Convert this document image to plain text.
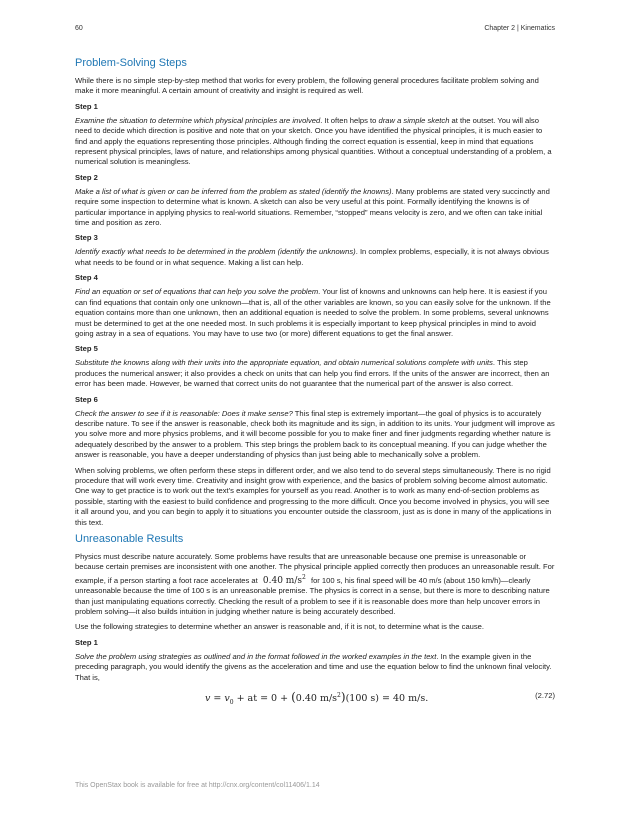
60	Chapter 2 | Kinematics
Problem-Solving Steps

While there is no simple step-by-step method that works for every problem, the following general procedures facilitate problem solving and make it more meaningful. A certain amount of creativity and insight is required as well.

Step 1

Examine the situation to determine which physical principles are involved. It often helps to draw a simple sketch at the outset. You will also need to decide which direction is positive and note that on your sketch. Once you have identified the physical principles, it is much easier to find and apply the equations representing those principles. Although finding the correct equation is essential, keep in mind that equations represent physical principles, laws of nature, and relationships among physical quantities. Without a conceptual understanding of a problem, a numerical solution is meaningless.

Step 2

Make a list of what is given or can be inferred from the problem as stated (identify the knowns). Many problems are stated very succinctly and require some inspection to determine what is known. A sketch can also be very useful at this point. Formally identifying the knowns is of particular importance in applying physics to real-world situations. Remember, “stopped” means velocity is zero, and we often can take initial time and position as zero.

Step 3

Identify exactly what needs to be determined in the problem (identify the unknowns). In complex problems, especially, it is not always obvious what needs to be found or in what sequence. Making a list can help.

Step 4

Find an equation or set of equations that can help you solve the problem. Your list of knowns and unknowns can help here. It is easiest if you can find equations that contain only one unknown—that is, all of the other variables are known, so you can easily solve for the unknown. If the equation contains more than one unknown, then an additional equation is needed to solve the problem. In some problems, several unknowns must be determined to get at the one needed most. In such problems it is especially important to keep physical principles in mind to avoid going astray in a sea of equations. You may have to use two (or more) different equations to get the final answer.

Step 5

Substitute the knowns along with their units into the appropriate equation, and obtain numerical solutions complete with units. This step produces the numerical answer; it also provides a check on units that can help you find errors. If the units of the answer are incorrect, then an error has been made. However, be warned that correct units do not guarantee that the numerical part of the answer is also correct.

Step 6

Check the answer to see if it is reasonable: Does it make sense? This final step is extremely important—the goal of physics is to accurately describe nature. To see if the answer is reasonable, check both its magnitude and its sign, in addition to its units. Your judgment will improve as you solve more and more physics problems, and it will become possible for you to make finer and finer judgments regarding whether nature is adequately described by the answer to a problem. This step brings the problem back to its conceptual meaning. If you can judge whether the answer is reasonable, you have a deeper understanding of physics than just being able to mechanically solve a problem.

When solving problems, we often perform these steps in different order, and we also tend to do several steps simultaneously. There is no rigid procedure that will work every time. Creativity and insight grow with experience, and the basics of problem solving become almost automatic. One way to get practice is to work out the text’s examples for yourself as you read. Another is to work as many end-of-section problems as possible, starting with the easiest to build confidence and progressing to the more difficult. Once you become involved in physics, you will see it all around you, and you can begin to apply it to situations you encounter outside the classroom, just as is done in many of the applications in this text.

Unreasonable Results

Physics must describe nature accurately. Some problems have results that are unreasonable because one premise is unreasonable or because certain premises are inconsistent with one another. The physical principle applied correctly then produces an unreasonable result. For example, if a person starting a foot race accelerates at 0.40 $m/s^2$ for 100 s, his final speed will be 40 m/s (about 150 km/h)—clearly unreasonable because the time of 100 s is an unreasonable premise. The physics is correct in a sense, but there is more to describing nature than just manipulating equations correctly. Checking the result of a problem to see if it is reasonable does more than help uncover errors in problem solving—it also builds intuition in judging whether nature is being accurately described.

Use the following strategies to determine whether an answer is reasonable and, if it is not, to determine what is the cause.

Step 1

Solve the problem using strategies as outlined and in the format followed in the worked examples in the text. In the example given in the preceding paragraph, you would identify the givens as the acceleration and time and use the equation below to find the unknown final velocity. That is,

$v = v_0$ + at = 0 + (0.40 $m/s^2)(100$ s) = 40 m/s.	(2.72)
This OpenStax book is available for free at http://cnx.org/content/col11406/1.14
